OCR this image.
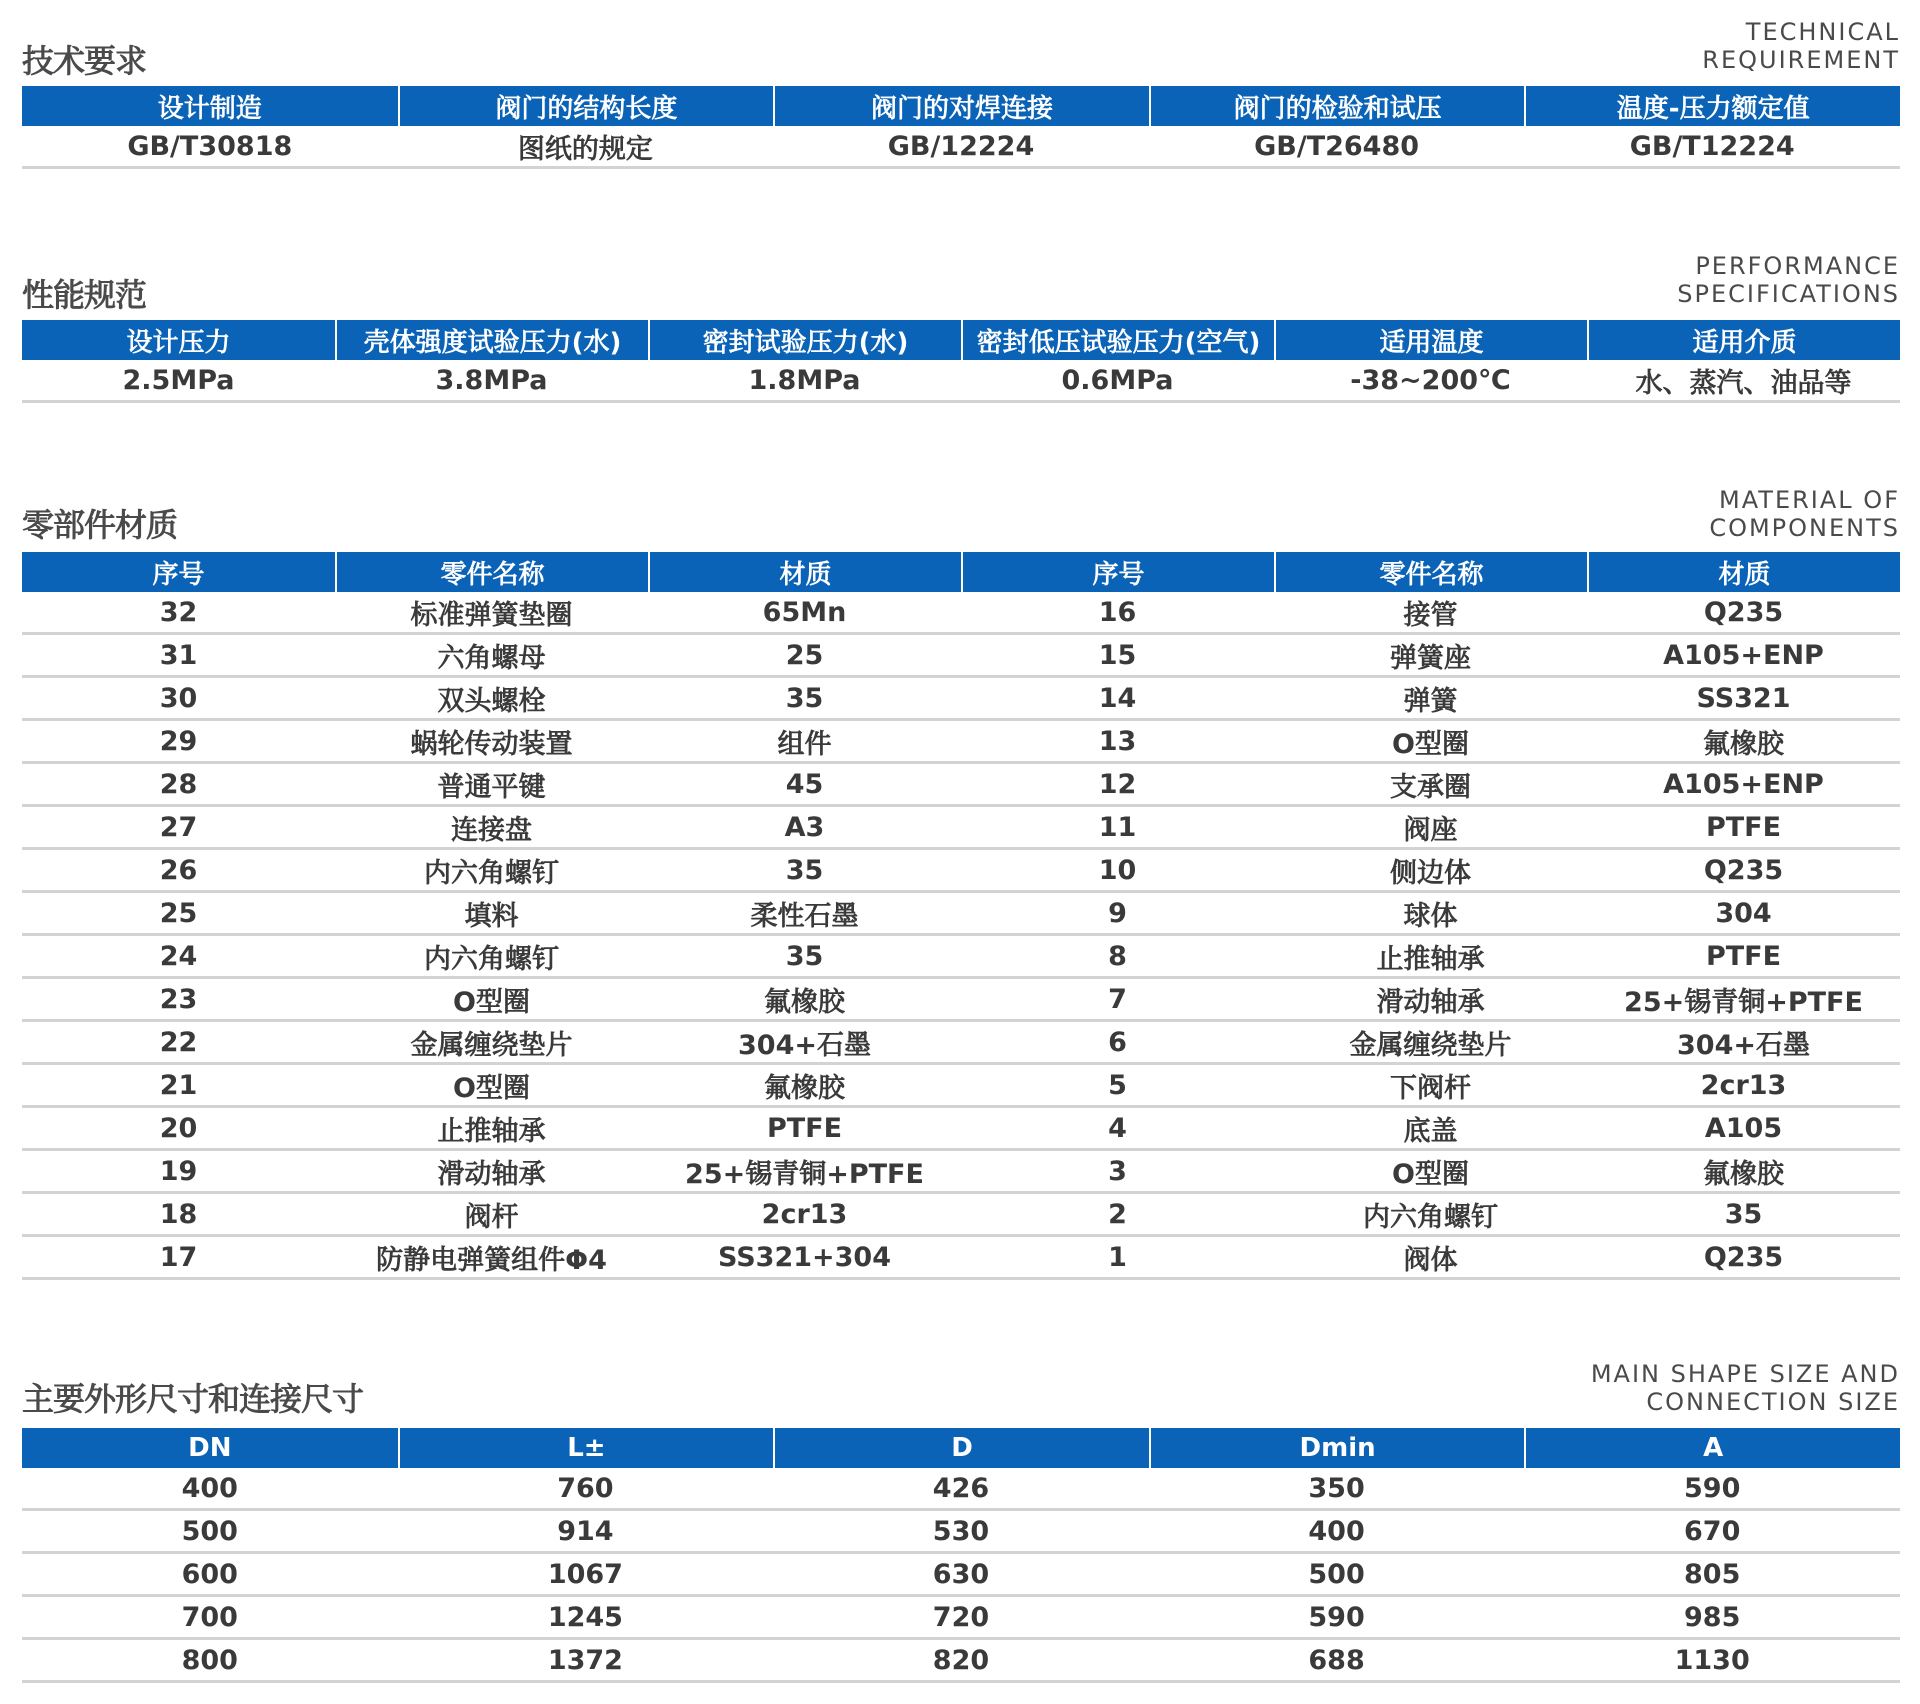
技术要求
TECHNICAL
REQUIREMENT
设计制造	阀门的结构长度	阀门的对焊连接	阀门的检验和试压	温度-压力额定值
GB/T30818	图纸的规定	GB/12224	GB/T26480	GB/T12224
性能规范
PERFORMANCE
SPECIFICATIONS
设计压力	壳体强度试验压力(水)	密封试验压力(水)	密封低压试验压力(空气)	适用温度	适用介质
2.5MPa	3.8MPa	1.8MPa	0.6MPa	-38~200℃	水、蒸汽、油品等
零部件材质
MATERIAL OF
COMPONENTS
序号	零件名称	材质	序号	零件名称	材质
32	标准弹簧垫圈	65Mn	16	接管	Q235
31	六角螺母	25	15	弹簧座	A105+ENP
30	双头螺栓	35	14	弹簧	SS321
29	蜗轮传动装置	组件	13	O型圈	氟橡胶
28	普通平键	45	12	支承圈	A105+ENP
27	连接盘	A3	11	阀座	PTFE
26	内六角螺钉	35	10	侧边体	Q235
25	填料	柔性石墨	9	球体	304
24	内六角螺钉	35	8	止推轴承	PTFE
23	O型圈	氟橡胶	7	滑动轴承	25+锡青铜+PTFE
22	金属缠绕垫片	304+石墨	6	金属缠绕垫片	304+石墨
21	O型圈	氟橡胶	5	下阀杆	2cr13
20	止推轴承	PTFE	4	底盖	A105
19	滑动轴承	25+锡青铜+PTFE	3	O型圈	氟橡胶
18	阀杆	2cr13	2	内六角螺钉	35
17	防静电弹簧组件Φ4	SS321+304	1	阀体	Q235
主要外形尺寸和连接尺寸
MAIN SHAPE SIZE AND
CONNECTION SIZE
DN	L±	D	Dmin	A
400	760	426	350	590
500	914	530	400	670
600	1067	630	500	805
700	1245	720	590	985
800	1372	820	688	1130
